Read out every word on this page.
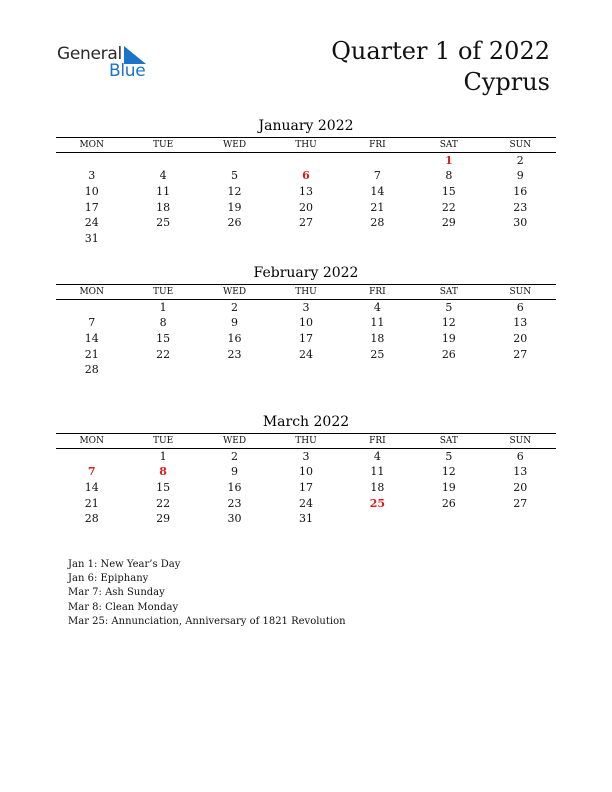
General
Blue
Quarter 1 of 2022
Cyprus
January 2022
MON	TUE	WED	THU	FRI	SAT	SUN
					1	2
3	4	5	6	7	8	9
10	11	12	13	14	15	16
17	18	19	20	21	22	23
24	25	26	27	28	29	30
31						
February 2022
MON	TUE	WED	THU	FRI	SAT	SUN
	1	2	3	4	5	6
7	8	9	10	11	12	13
14	15	16	17	18	19	20
21	22	23	24	25	26	27
28						
March 2022
MON	TUE	WED	THU	FRI	SAT	SUN
	1	2	3	4	5	6
7	8	9	10	11	12	13
14	15	16	17	18	19	20
21	22	23	24	25	26	27
28	29	30	31			
Jan 1: New Year’s Day
Jan 6: Epiphany
Mar 7: Ash Sunday
Mar 8: Clean Monday
Mar 25: Annunciation, Anniversary of 1821 Revolution
